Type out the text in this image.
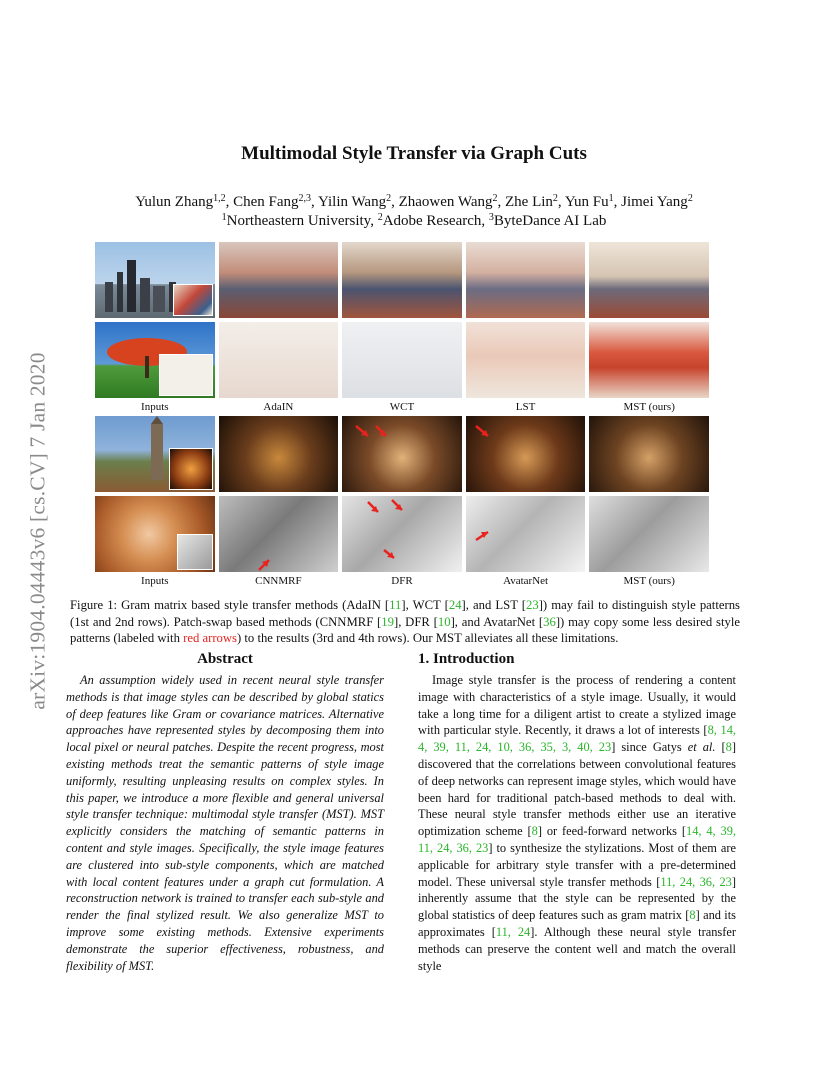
arXiv:1904.04443v6 [cs.CV] 7 Jan 2020
Multimodal Style Transfer via Graph Cuts
Yulun Zhang$^{1,2}$, Chen Fang$^{2,3}$, Yilin Wang$^2$, Zhaowen Wang$^2$, Zhe Lin$^2$, Yun Fu$^1$, Jimei Yang$^2$
$^1$Northeastern University, $^2$Adobe Research, $^3$ByteDance AI Lab
Inputs	AdaIN	WCT	LST	MST (ours)
Inputs	CNNMRF	DFR	AvatarNet	MST (ours)
Figure 1: Gram matrix based style transfer methods (AdaIN [11], WCT [24], and LST [23]) may fail to distinguish style patterns (1st and 2nd rows). Patch-swap based methods (CNNMRF [19], DFR [10], and AvatarNet [36]) may copy some less desired style patterns (labeled with red arrows) to the results (3rd and 4th rows). Our MST alleviates all these limitations.
Abstract

An assumption widely used in recent neural style transfer methods is that image styles can be described by global statics of deep features like Gram or covariance matrices. Alternative approaches have represented styles by decomposing them into local pixel or neural patches. Despite the recent progress, most existing methods treat the semantic patterns of style image uniformly, resulting unpleasing results on complex styles. In this paper, we introduce a more flexible and general universal style transfer technique: multimodal style transfer (MST). MST explicitly considers the matching of semantic patterns in content and style images. Specifically, the style image features are clustered into sub-style components, which are matched with local content features under a graph cut formulation. A reconstruction network is trained to transfer each sub-style and render the final stylized result. We also generalize MST to improve some existing methods. Extensive experiments demonstrate the superior effectiveness, robustness, and flexibility of MST.

1. Introduction

Image style transfer is the process of rendering a content image with characteristics of a style image. Usually, it would take a long time for a diligent artist to create a stylized image with particular style. Recently, it draws a lot of interests [8, 14, 4, 39, 11, 24, 10, 36, 35, 3, 40, 23] since Gatys et al. [8] discovered that the correlations between convolutional features of deep networks can represent image styles, which would have been hard for traditional patch-based methods to deal with. These neural style transfer methods either use an iterative optimization scheme [8] or feed-forward networks [14, 4, 39, 11, 24, 36, 23] to synthesize the stylizations. Most of them are applicable for arbitrary style transfer with a pre-determined model. These universal style transfer methods [11, 24, 36, 23] inherently assume that the style can be represented by the global statistics of deep features such as gram matrix [8] and its approximates [11, 24]. Although these neural style transfer methods can preserve the content well and match the overall style
